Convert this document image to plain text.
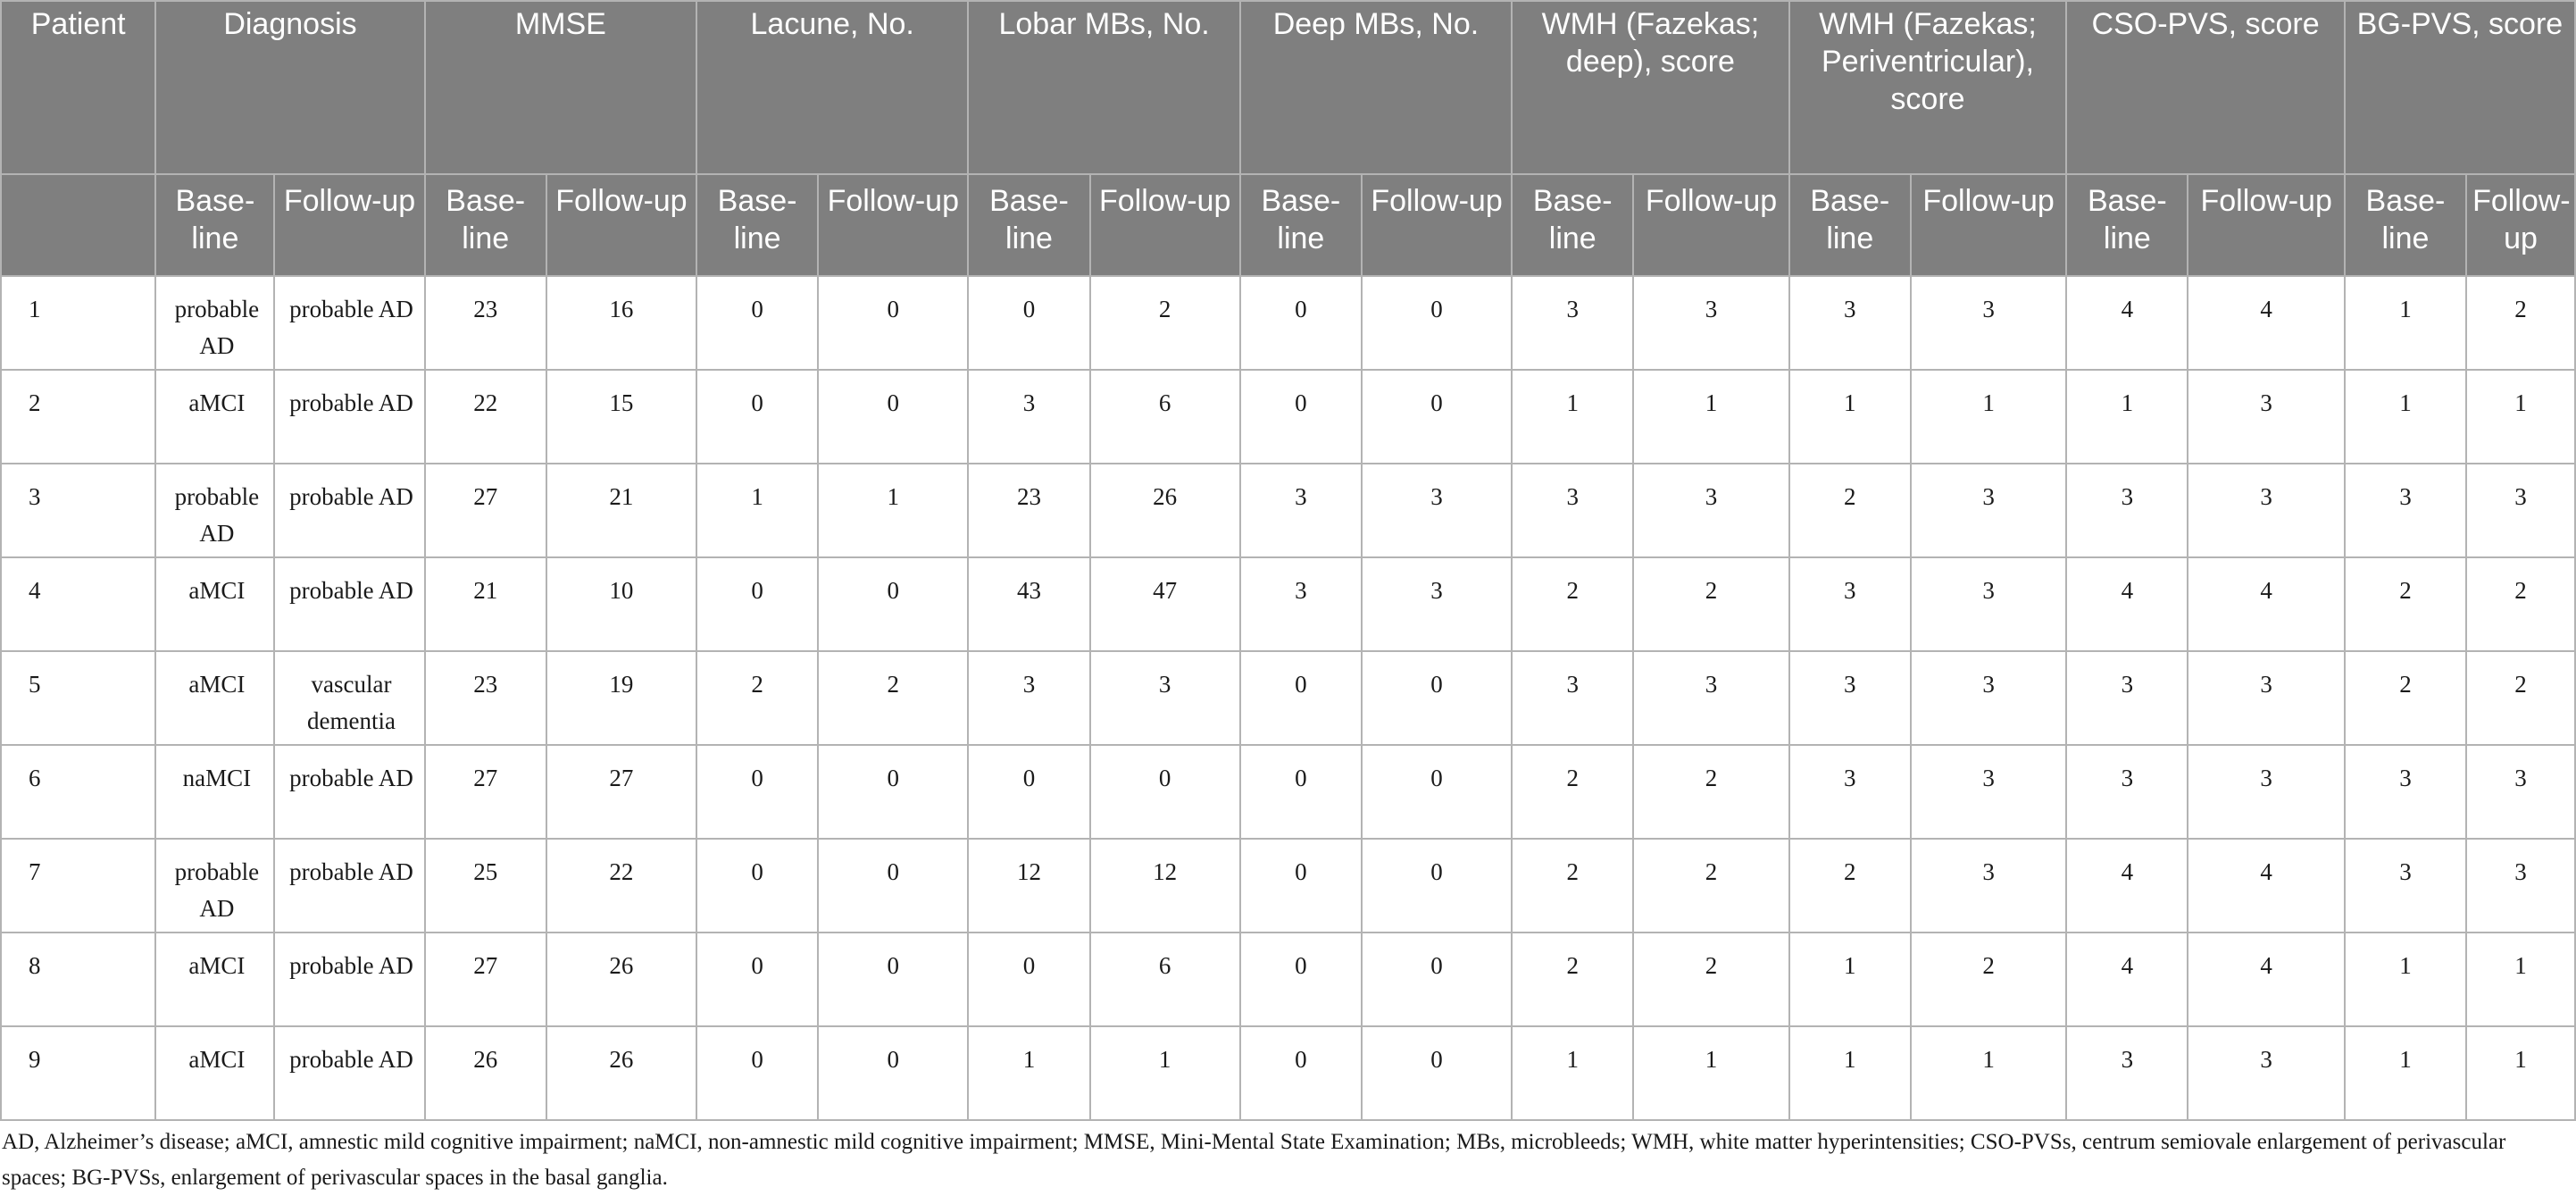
Patient	Diagnosis		MMSE		Lacune, No.		Lobar MBs, No.		Deep MBs, No.		WMH (Fazekas; deep), score		WMH (Fazekas; Periventricular), score		CSO-PVS, score		BG-PVS, score	
	Base-line	Follow-up	Base-line	Follow-up	Base-line	Follow-up	Base-line	Follow-up	Base-line	Follow-up	Base-line	Follow-up	Base-line	Follow-up	Base-line	Follow-up	Base-line	Follow-up
1	probable AD	probable AD	23	16	0	0	0	2	0	0	3	3	3	3	4	4	1	2
2	aMCI	probable AD	22	15	0	0	3	6	0	0	1	1	1	1	1	3	1	1
3	probable AD	probable AD	27	21	1	1	23	26	3	3	3	3	2	3	3	3	3	3
4	aMCI	probable AD	21	10	0	0	43	47	3	3	2	2	3	3	4	4	2	2
5	aMCI	vascular dementia	23	19	2	2	3	3	0	0	3	3	3	3	3	3	2	2
6	naMCI	probable AD	27	27	0	0	0	0	0	0	2	2	3	3	3	3	3	3
7	probable AD	probable AD	25	22	0	0	12	12	0	0	2	2	2	3	4	4	3	3
8	aMCI	probable AD	27	26	0	0	0	6	0	0	2	2	1	2	4	4	1	1
9	aMCI	probable AD	26	26	0	0	1	1	0	0	1	1	1	1	3	3	1	1
AD, Alzheimer’s disease; aMCI, amnestic mild cognitive impairment; naMCI, non-amnestic mild cognitive impairment; MMSE, Mini-Mental State Examination; MBs, microbleeds; WMH, white matter hyperintensities; CSO-PVSs, centrum semiovale enlargement of perivascular spaces; BG-PVSs, enlargement of perivascular spaces in the basal ganglia.
